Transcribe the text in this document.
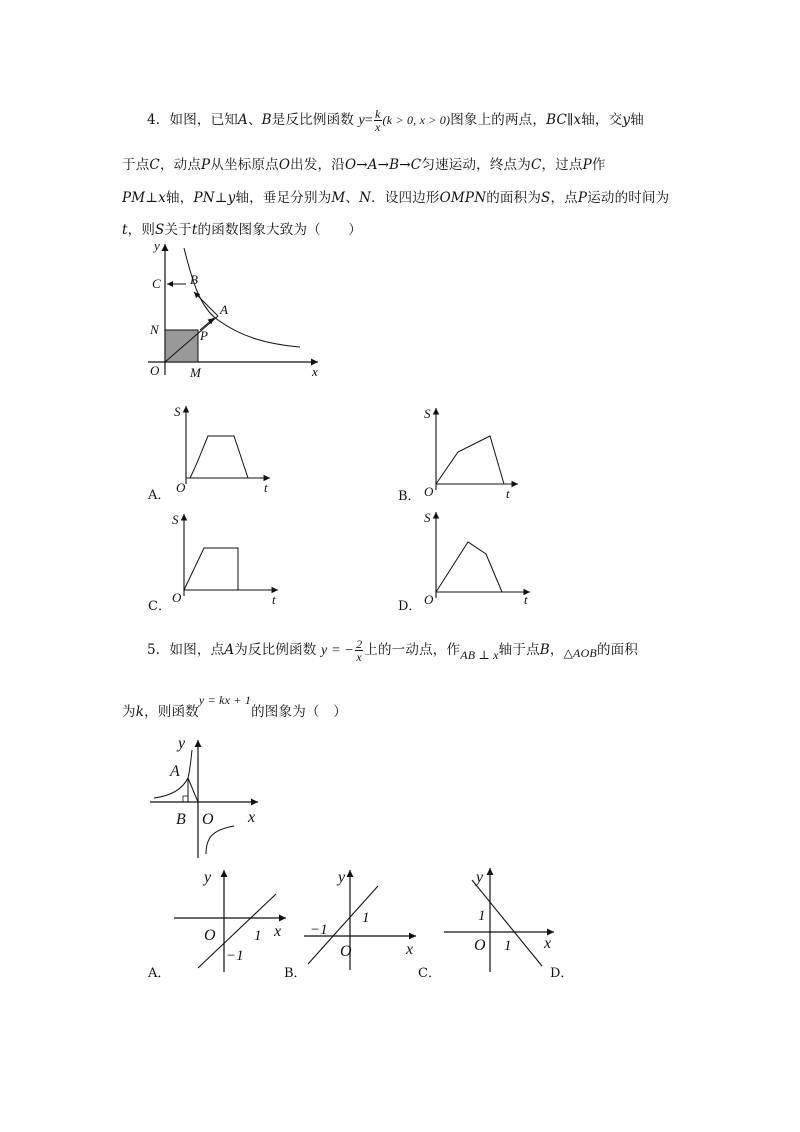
4．如图，已知A、B是反比例函数 $y= \frac{k}{x} (k > 0$, x > 0)图象上的两点，BC∥x轴，交y轴
于点C，动点P从坐标原点O出发，沿O→A→B→C匀速运动，终点为C，过点P作
PM⊥x轴，PN⊥y轴，垂足分别为M、N．设四边形OMPN的面积为S，点P运动的时间为
t，则S关于t的函数图象大致为（　　）
y
x
C B
A
N	P
O M
S
O	t
A．
S
O	t
B．
S
O	t
C．
S
O	t
D．
5．如图，点A为反比例函数 y = − $\frac{2}{x}$ 上的一动点，作AB ⊥ x轴于点B，△AOB的面积
为k，则函数y = kx + 1的图象为（　）
y
A
B O x
y
O	1 x
−1
A．
y
−1
1
O	x
B．
y
1
O 1 x
C．	D．
